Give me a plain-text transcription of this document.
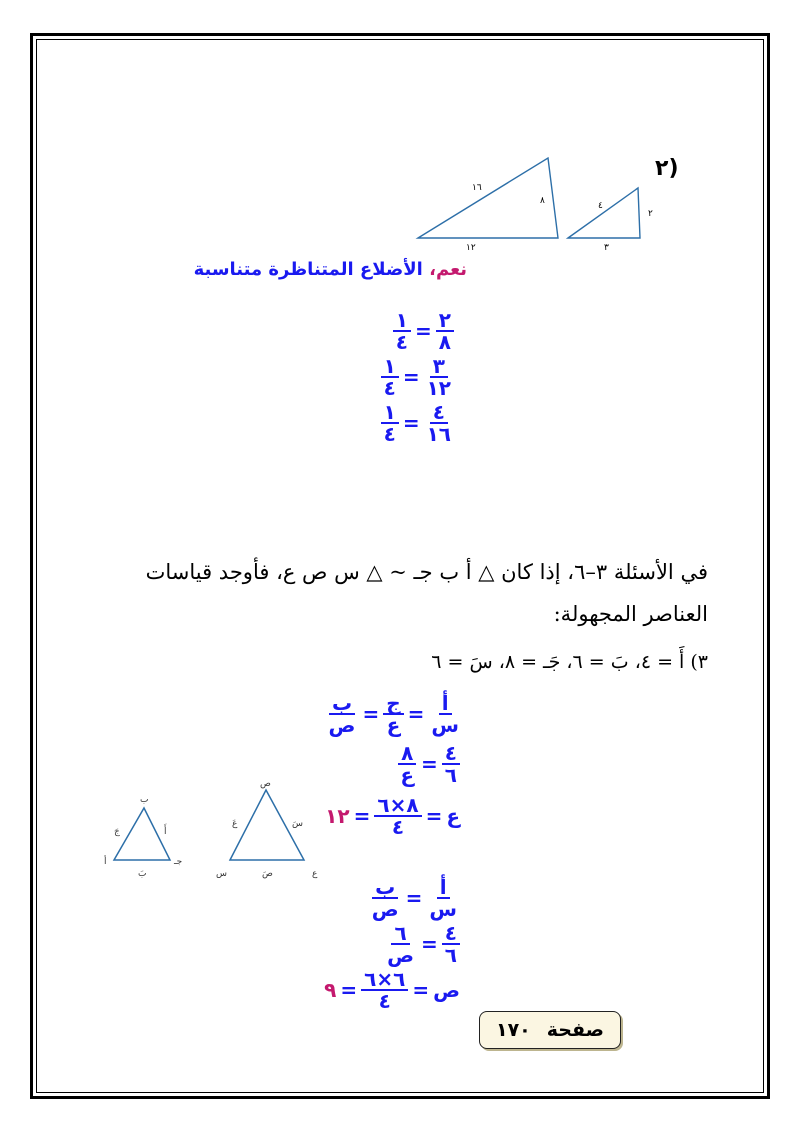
(٢
١٦
٨
١٢
٤
٢
٣
نعم، الأضلاع المتناظرة متناسبة
$\frac{٢}{٨}$
=
$\frac{١}{٤}$
$\frac{٣}{١٢}$
=
$\frac{١}{٤}$
$\frac{٤}{١٦}$
=
$\frac{١}{٤}$
في الأسئلة ٣–٦، إذا كان △ أ ب جـ ~ △ س ص ع، فأوجد قياسات
العناصر المجهولة:
٣) أَ = ٤، بَ = ٦، جَـ = ٨، سَ = ٦
$\frac{\text{أ}}{\text{س}}$
=
$\frac{\text{ج}}{\text{ع}}$
=
$\frac{\text{ب}}{\text{ص}}$
$\frac{٤}{٦}$
=
$\frac{٨}{\text{ع}}$
ع
=
$\frac{٨\times ٦}{٤}$
=
١٢
$\frac{\text{أ}}{\text{س}}$
=
$\frac{\text{ب}}{\text{ص}}$
$\frac{٤}{٦}$
=
$\frac{٦}{\text{ص}}$
ص
=
$\frac{٦\times ٦}{٤}$
=
٩
ب
جَ	أَ
أ
بَ
جـ
ص
عَ	سَ
س	صَ	ع
صفحة
١٧٠
